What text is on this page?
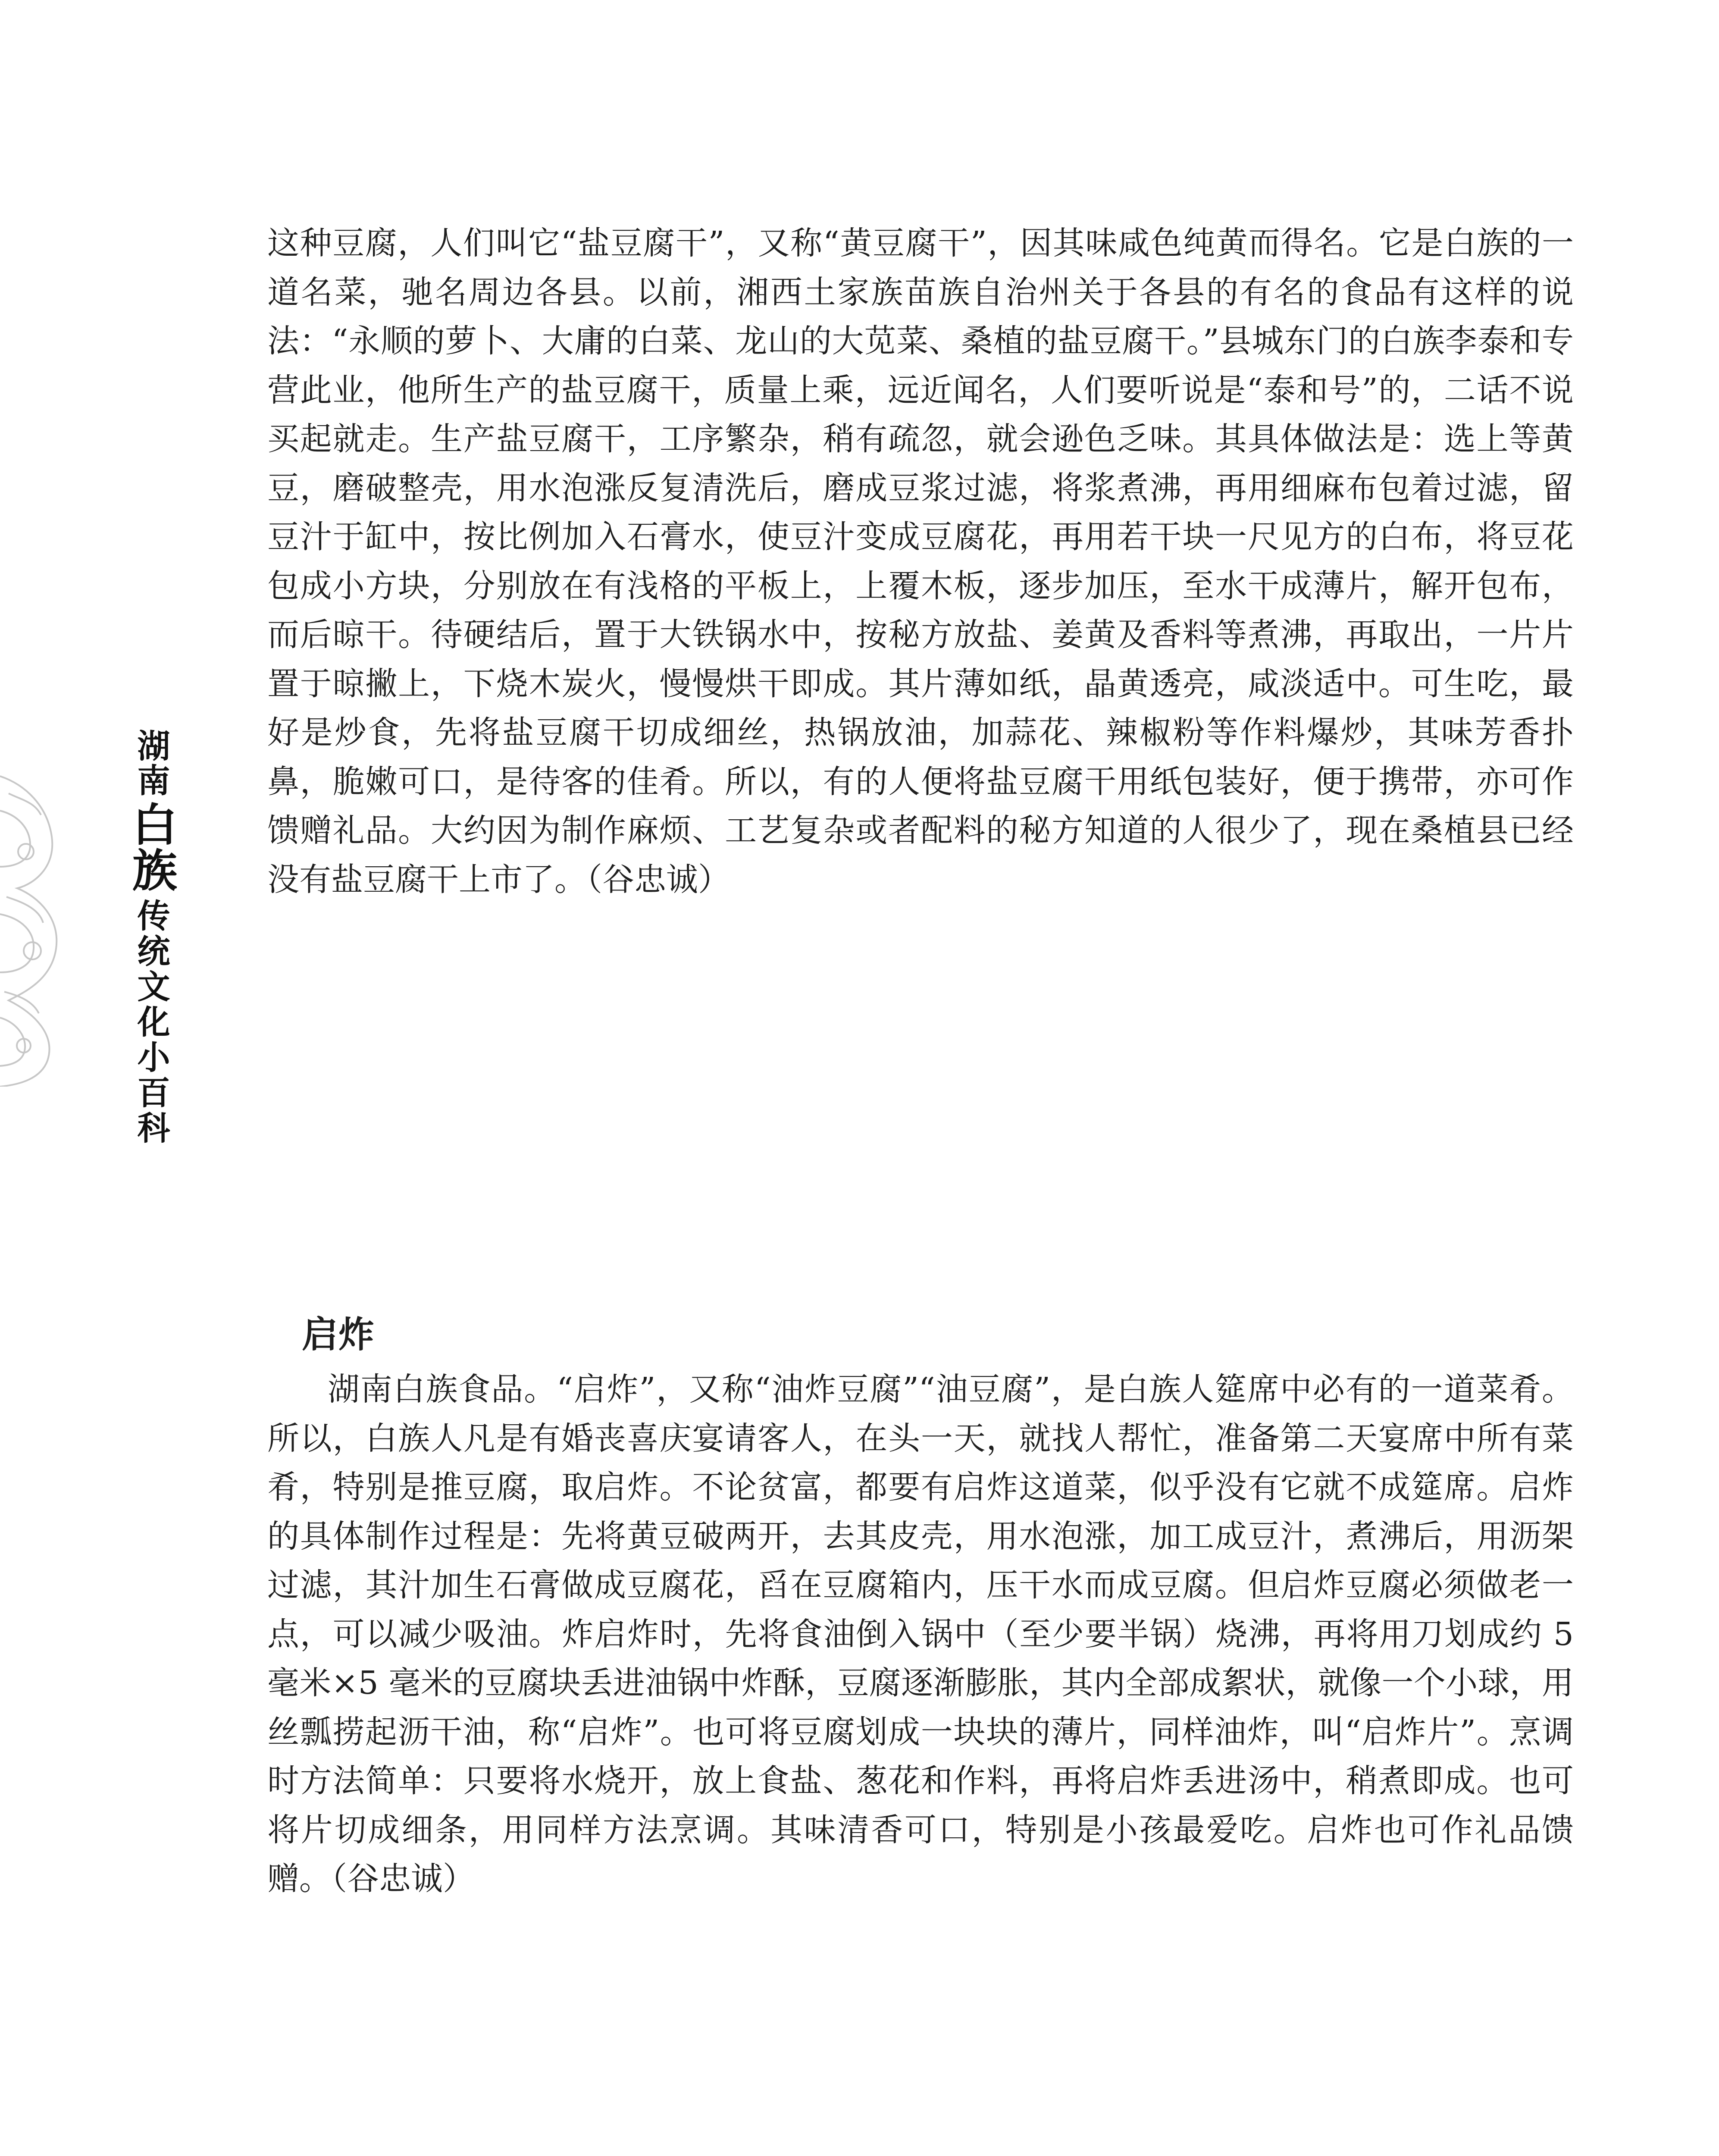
湖南
白族
传统文化小百科

这种豆腐，人们叫它“盐豆腐干”，又称“黄豆腐干”，因其味咸色纯黄而得名。它是白族的一道名菜，驰名周边各县。以前，湘西土家族苗族自治州关于各县的有名的食品有这样的说法：“永顺的萝卜、大庸的白菜、龙山的大苋菜、桑植的盐豆腐干。”县城东门的白族李泰和专营此业，他所生产的盐豆腐干，质量上乘，远近闻名，人们要听说是“泰和号”的，二话不说买起就走。生产盐豆腐干，工序繁杂，稍有疏忽，就会逊色乏味。其具体做法是：选上等黄豆，磨破整壳，用水泡涨反复清洗后，磨成豆浆过滤，将浆煮沸，再用细麻布包着过滤，留豆汁于缸中，按比例加入石膏水，使豆汁变成豆腐花，再用若干块一尺见方的白布，将豆花包成小方块，分别放在有浅格的平板上，上覆木板，逐步加压，至水干成薄片，解开包布，而后晾干。待硬结后，置于大铁锅水中，按秘方放盐、姜黄及香料等煮沸，再取出，一片片置于晾撇上，下烧木炭火，慢慢烘干即成。其片薄如纸，晶黄透亮，咸淡适中。可生吃，最好是炒食，先将盐豆腐干切成细丝，热锅放油，加蒜花、辣椒粉等作料爆炒，其味芳香扑鼻，脆嫩可口，是待客的佳肴。所以，有的人便将盐豆腐干用纸包装好，便于携带，亦可作馈赠礼品。大约因为制作麻烦、工艺复杂或者配料的秘方知道的人很少了，现在桑植县已经没有盐豆腐干上市了。（谷忠诚）

启炸

湖南白族食品。“启炸”，又称“油炸豆腐”“油豆腐”，是白族人筵席中必有的一道菜肴。所以，白族人凡是有婚丧喜庆宴请客人，在头一天，就找人帮忙，准备第二天宴席中所有菜肴，特别是推豆腐，取启炸。不论贫富，都要有启炸这道菜，似乎没有它就不成筵席。启炸的具体制作过程是：先将黄豆破两开，去其皮壳，用水泡涨，加工成豆汁，煮沸后，用沥架过滤，其汁加生石膏做成豆腐花，舀在豆腐箱内，压干水而成豆腐。但启炸豆腐必须做老一点，可以减少吸油。炸启炸时，先将食油倒入锅中（至少要半锅）烧沸，再将用刀划成约 5 毫米×5 毫米的豆腐块丢进油锅中炸酥，豆腐逐渐膨胀，其内全部成絮状，就像一个小球，用丝瓢捞起沥干油，称“启炸”。也可将豆腐划成一块块的薄片，同样油炸，叫“启炸片”。烹调时方法简单：只要将水烧开，放上食盐、葱花和作料，再将启炸丢进汤中，稍煮即成。也可将片切成细条，用同样方法烹调。其味清香可口，特别是小孩最爱吃。启炸也可作礼品馈赠。（谷忠诚）
